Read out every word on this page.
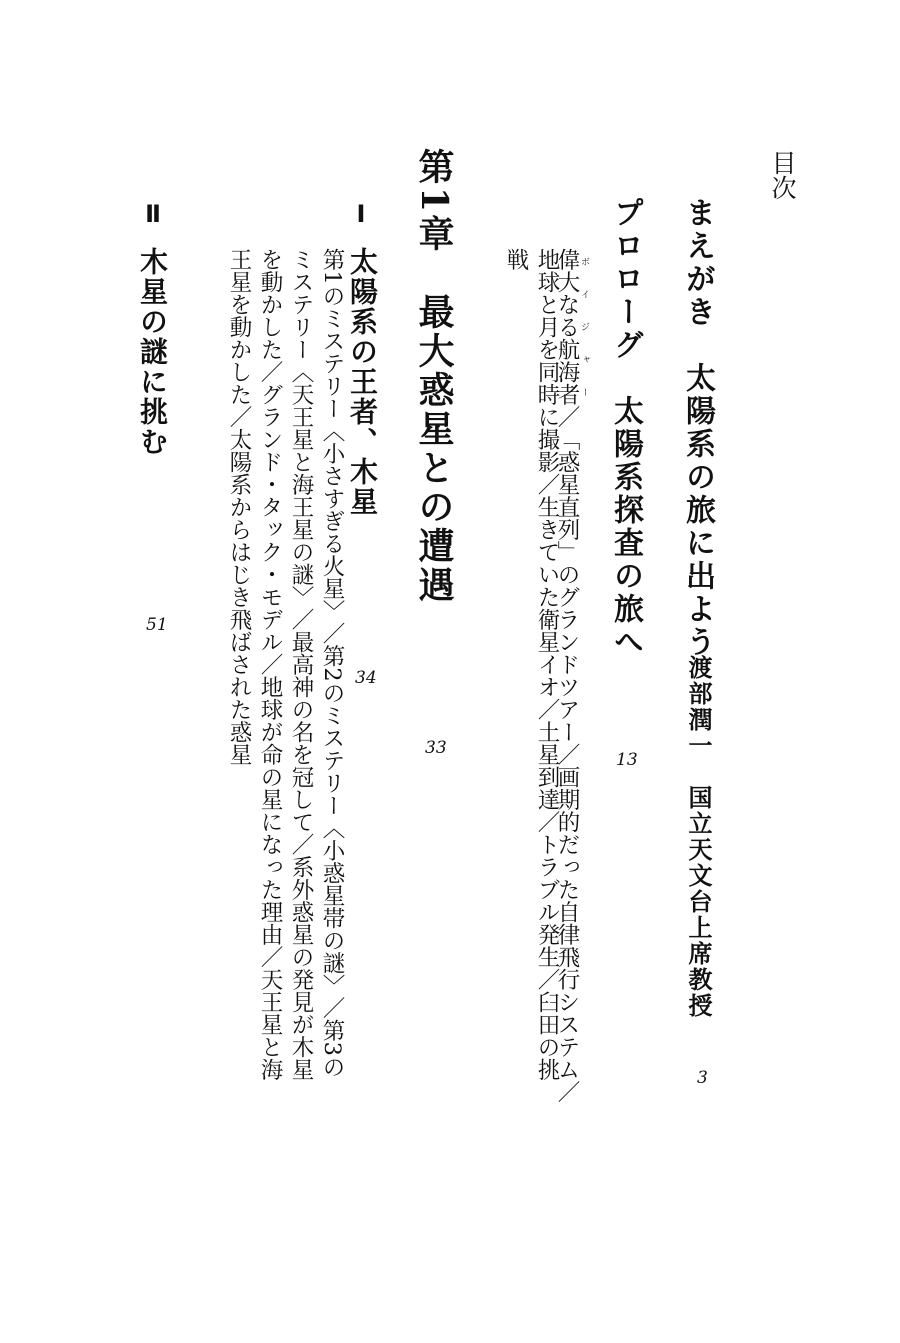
目次
まえがき　太陽系の旅に出よう
渡部潤一　国立天文台上席教授
3
プロローグ　太陽系探査の旅へ
13
偉大なる航海者 ボイジャー／「惑星直列」のグランドツアー／画期的だった自律飛行システム／
地球と月を同時に撮影／生きていた衛星イオ／土星到達／トラブル発生／臼田の挑
戦
第1章　最大惑星との遭遇
33
Ⅰ
太陽系の王者、木星
34
第1のミステリー〈小さすぎる火星〉／第2のミステリー〈小惑星帯の謎〉／第3の
ミステリー〈天王星と海王星の謎〉／最高神の名を冠して／系外惑星の発見が木星
を動かした／グランド・タック・モデル／地球が命の星になった理由／天王星と海
王星を動かした／太陽系からはじき飛ばされた惑星
Ⅱ
木星の謎に挑む
51
